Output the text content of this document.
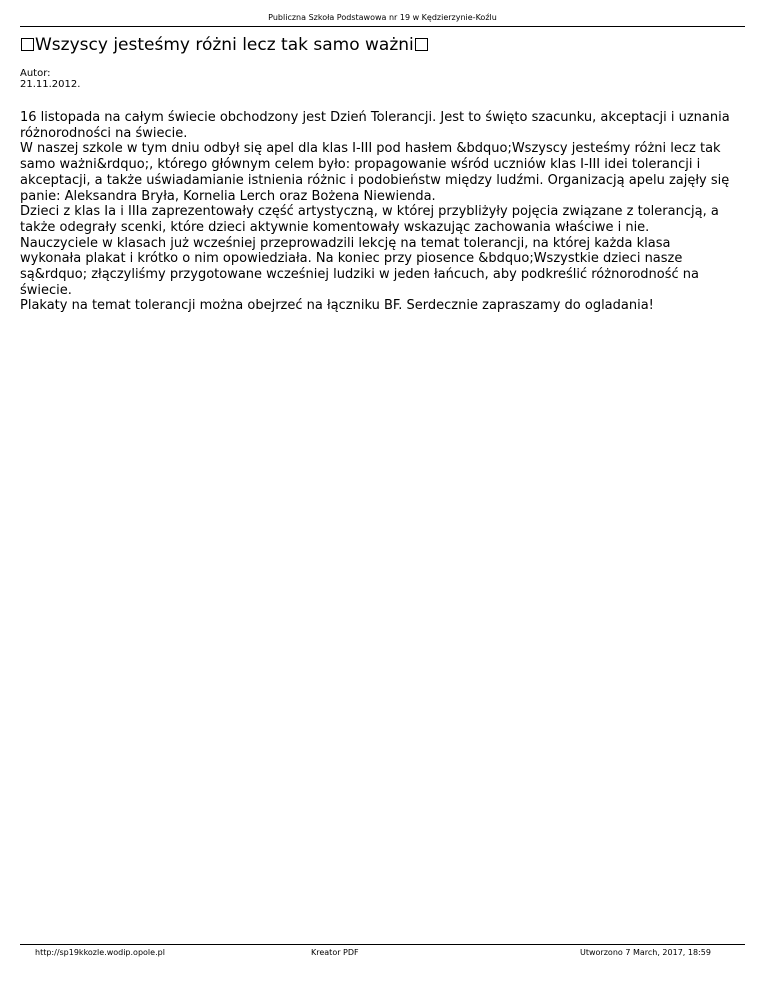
Publiczna Szkoła Podstawowa nr 19 w Kędzierzynie-Koźlu
Wszyscy jesteśmy różni lecz tak samo ważni
Autor:
21.11.2012.

16 listopada na całym świecie obchodzony jest Dzień Tolerancji. Jest to święto szacunku, akceptacji i uznania różnorodności na świecie.

W naszej szkole w tym dniu odbył się apel dla klas I-III pod hasłem &bdquo;Wszyscy jesteśmy różni lecz tak samo ważni&rdquo;, którego głównym celem było: propagowanie wśród uczniów klas I-III idei tolerancji i akceptacji, a także uświadamianie istnienia różnic i podobieństw między ludźmi. Organizacją apelu zajęły się panie: Aleksandra Bryła, Kornelia Lerch oraz Bożena Niewienda.

Dzieci z klas Ia i IIIa zaprezentowały część artystyczną, w której przybliżyły pojęcia związane z tolerancją, a także odegrały scenki, które dzieci aktywnie komentowały wskazując zachowania właściwe i nie.

Nauczyciele w klasach już wcześniej przeprowadzili lekcję na temat tolerancji, na której każda klasa wykonała plakat i krótko o nim opowiedziała. Na koniec przy piosence &bdquo;Wszystkie dzieci nasze są&rdquo; złączyliśmy przygotowane wcześniej ludziki w jeden łańcuch, aby podkreślić różnorodność na świecie.

Plakaty na temat tolerancji można obejrzeć na łączniku BF. Serdecznie zapraszamy do ogladania!

http://sp19kkozle.wodip.opole.pl	Kreator PDF	Utworzono 7 March, 2017, 18:59
